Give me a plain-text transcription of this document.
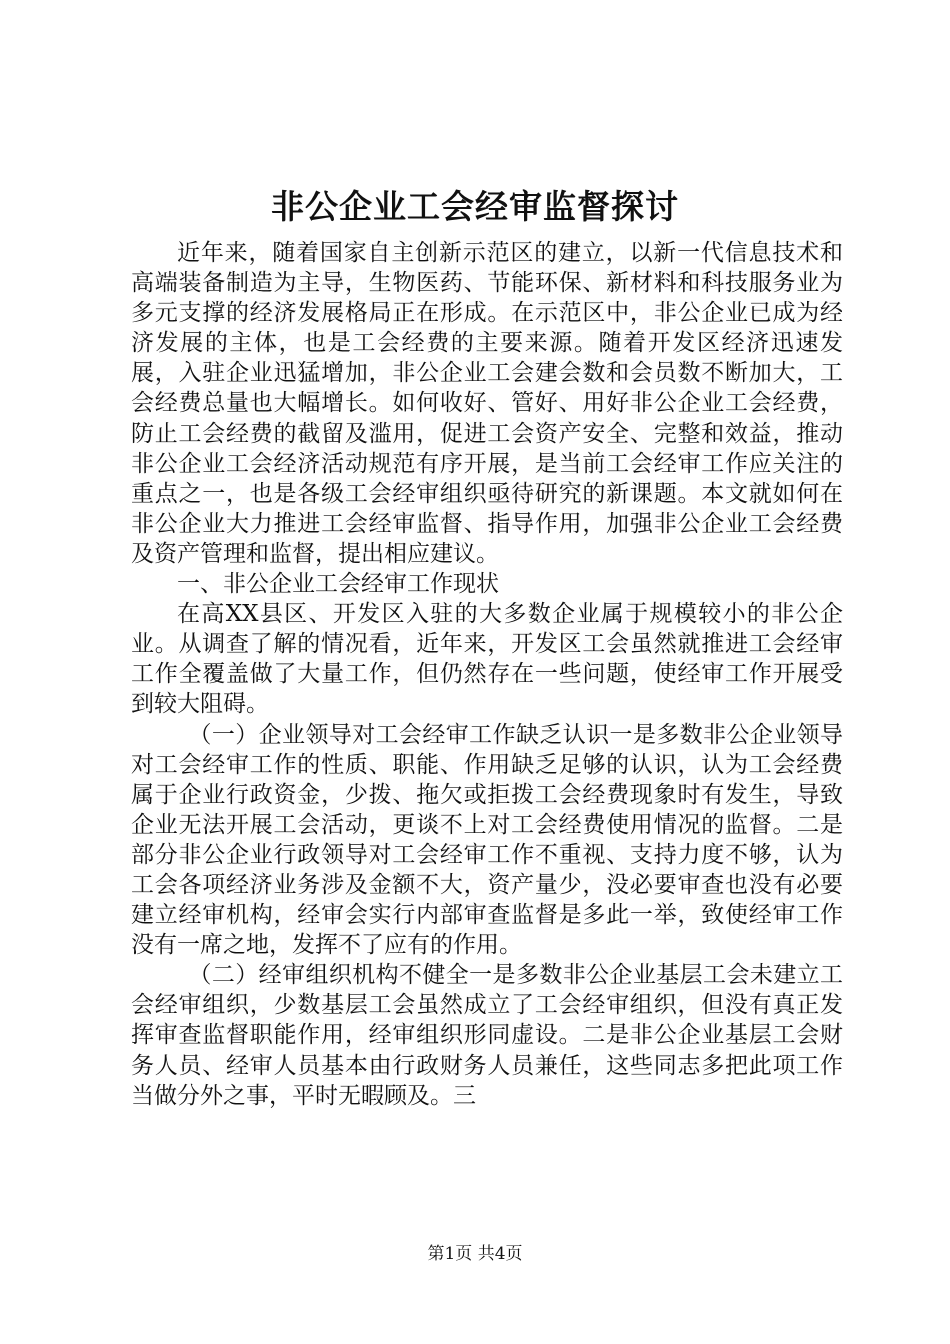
非公企业工会经审监督探讨

近年来，随着国家自主创新示范区的建立，以新一代信息技术和高端装备制造为主导，生物医药、节能环保、新材料和科技服务业为多元支撑的经济发展格局正在形成。在示范区中，非公企业已成为经济发展的主体，也是工会经费的主要来源。随着开发区经济迅速发展，入驻企业迅猛增加，非公企业工会建会数和会员数不断加大，工会经费总量也大幅增长。如何收好、管好、用好非公企业工会经费，防止工会经费的截留及滥用，促进工会资产安全、完整和效益，推动非公企业工会经济活动规范有序开展，是当前工会经审工作应关注的重点之一，也是各级工会经审组织亟待研究的新课题。本文就如何在非公企业大力推进工会经审监督、指导作用，加强非公企业工会经费及资产管理和监督，提出相应建议。

一、非公企业工会经审工作现状

在高XX县区、开发区入驻的大多数企业属于规模较小的非公企业。从调查了解的情况看，近年来，开发区工会虽然就推进工会经审工作全覆盖做了大量工作，但仍然存在一些问题，使经审工作开展受到较大阻碍。

（一）企业领导对工会经审工作缺乏认识一是多数非公企业领导对工会经审工作的性质、职能、作用缺乏足够的认识，认为工会经费属于企业行政资金，少拨、拖欠或拒拨工会经费现象时有发生，导致企业无法开展工会活动，更谈不上对工会经费使用情况的监督。二是部分非公企业行政领导对工会经审工作不重视、支持力度不够，认为工会各项经济业务涉及金额不大，资产量少，没必要审查也没有必要建立经审机构，经审会实行内部审查监督是多此一举，致使经审工作没有一席之地，发挥不了应有的作用。

（二）经审组织机构不健全一是多数非公企业基层工会未建立工会经审组织，少数基层工会虽然成立了工会经审组织，但没有真正发挥审查监督职能作用，经审组织形同虚设。二是非公企业基层工会财务人员、经审人员基本由行政财务人员兼任，这些同志多把此项工作当做分外之事，平时无暇顾及。三

第1页 共4页
